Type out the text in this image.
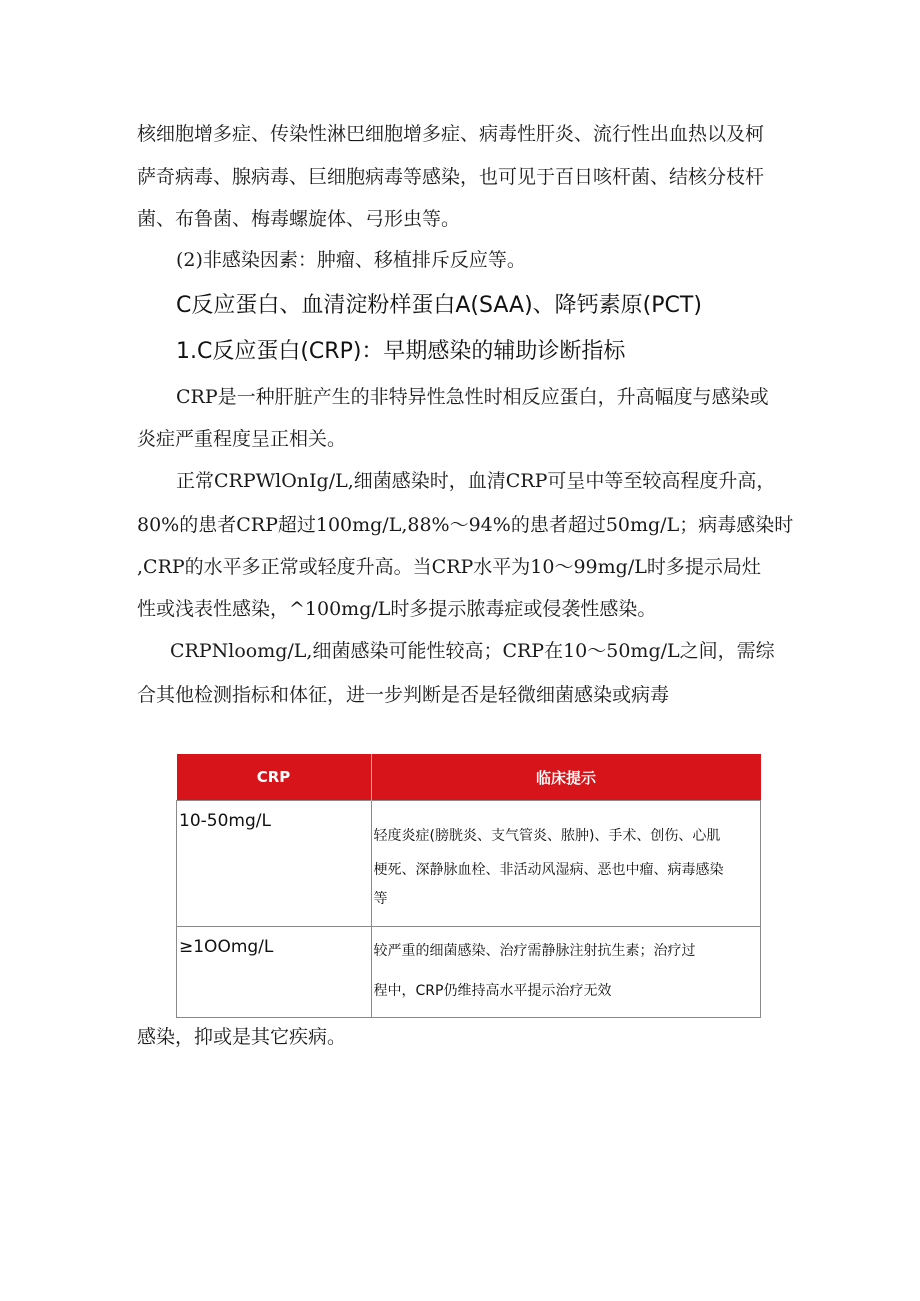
核细胞增多症、传染性淋巴细胞增多症、病毒性肝炎、流行性出血热以及柯
萨奇病毒、腺病毒、巨细胞病毒等感染，也可见于百日咳杆菌、结核分枝杆
菌、布鲁菌、梅毒螺旋体、弓形虫等。
(2)非感染因素：肿瘤、移植排斥反应等。
C反应蛋白、血清淀粉样蛋白A(SAA)、降钙素原(PCT)
1.C反应蛋白(CRP)：早期感染的辅助诊断指标
CRP是一种肝脏产生的非特异性急性时相反应蛋白，升高幅度与感染或
炎症严重程度呈正相关。
正常CRPWlOnIg/L,细菌感染时，血清CRP可呈中等至较高程度升高，
80%的患者CRP超过100mg/L,88%～94%的患者超过50mg/L；病毒感染时
,CRP的水平多正常或轻度升高。当CRP水平为10～99mg/L时多提示局灶
性或浅表性感染，^100mg/L时多提示脓毒症或侵袭性感染。
CRPNloomg/L,细菌感染可能性较高；CRP在10～50mg/L之间，需综
合其他检测指标和体征，进一步判断是否是轻微细菌感染或病毒
CRP	临床提示
10-50mg/L	轻度炎症(膀胱炎、支气管炎、脓肿)、手术、创伤、心肌
梗死、深静脉血栓、非活动风湿病、恶也中瘤、病毒感染
等

≥1OOmg/L	较严重的细菌感染、治疗需静脉注射抗生素；治疗过
程中，CRP仍维持高水平提示治疗无效
感染，抑或是其它疾病。
